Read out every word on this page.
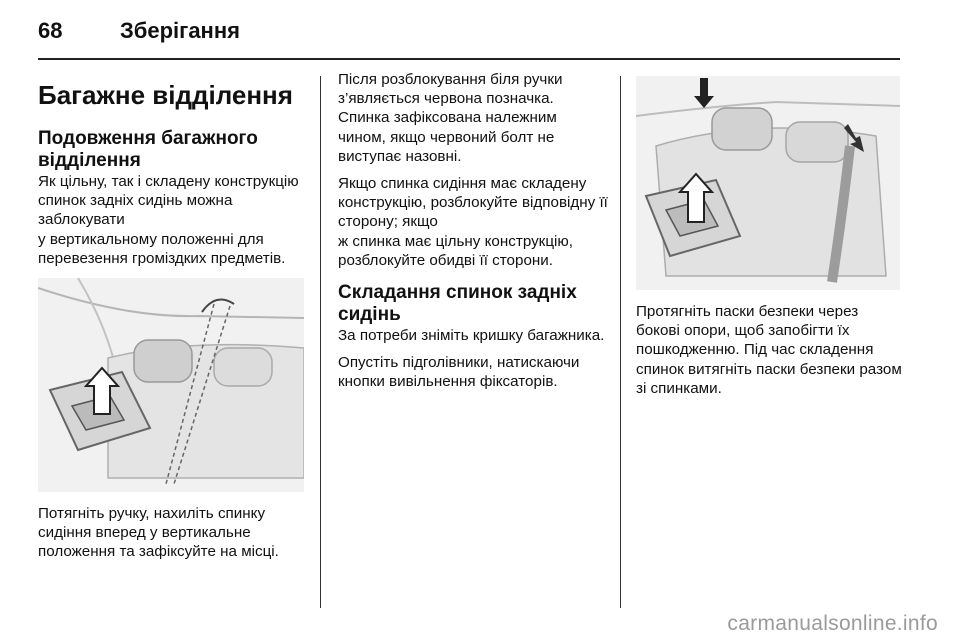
68	Зберігання
Багажне відділення
Подовження багажного відділення

Як цільну, так і складену конструкцію спинок задніх сидінь можна заблокувати

у вертикальному положенні для перевезення громіздких предметів.

Потягніть ручку, нахиліть спинку сидіння вперед у вертикальне положення та зафіксуйте на місці.

Після розблокування біля ручки з’являється червона позначка. Спинка зафіксована належним чином, якщо червоний болт не виступає назовні.

Якщо спинка сидіння має складену конструкцію, розблокуйте відповідну її сторону; якщо

ж спинка має цільну конструкцію, розблокуйте обидві її сторони.

Складання спинок задніх сидінь

За потреби зніміть кришку багажника.

Опустіть підголівники, натискаючи кнопки вивільнення фіксаторів.

Протягніть паски безпеки через бокові опори, щоб запобігти їх пошкодженню. Під час складення спинок витягніть паски безпеки разом зі спинками.

carmanualsonline.info
